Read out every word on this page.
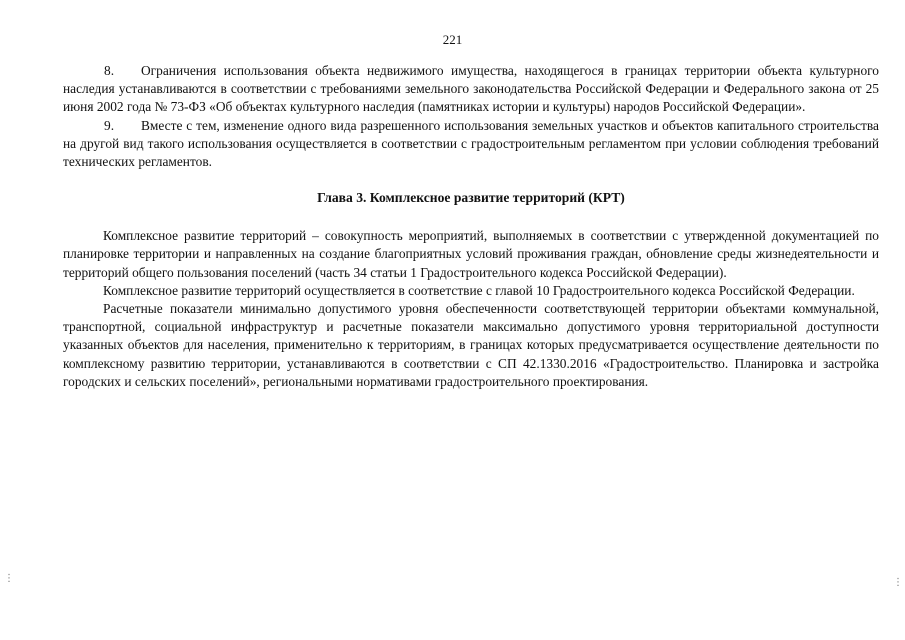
221

8. Ограничения использования объекта недвижимого имущества, находящегося в границах территории объекта культурного наследия устанавливаются в соответствии с требованиями земельного законодательства Российской Федерации и Федерального закона от 25 июня 2002 года № 73-ФЗ «Об объектах культурного наследия (памятниках истории и культуры) народов Российской Федерации».

9. Вместе с тем, изменение одного вида разрешенного использования земельных участков и объектов капитального строительства на другой вид такого использования осуществляется в соответствии с градостроительным регламентом при условии соблюдения требований технических регламентов.

Глава 3. Комплексное развитие территорий (КРТ)

Комплексное развитие территорий – совокупность мероприятий, выполняемых в соответствии с утвержденной документацией по планировке территории и направленных на создание благоприятных условий проживания граждан, обновление среды жизнедеятельности и территорий общего пользования поселений (часть 34 статьи 1 Градостроительного кодекса Российской Федерации).

Комплексное развитие территорий осуществляется в соответствие с главой 10 Градостроительного кодекса Российской Федерации.

Расчетные показатели минимально допустимого уровня обеспеченности соответствующей территории объектами коммунальной, транспортной, социальной инфраструктур и расчетные показатели максимально допустимого уровня территориальной доступности указанных объектов для населения, применительно к территориям, в границах которых предусматривается осуществление деятельности по комплексному развитию территории, устанавливаются в соответствии с СП 42.1330.2016 «Градостроительство. Планировка и застройка городских и сельских поселений», региональными нормативами градостроительного проектирования.

⋮	⋮
